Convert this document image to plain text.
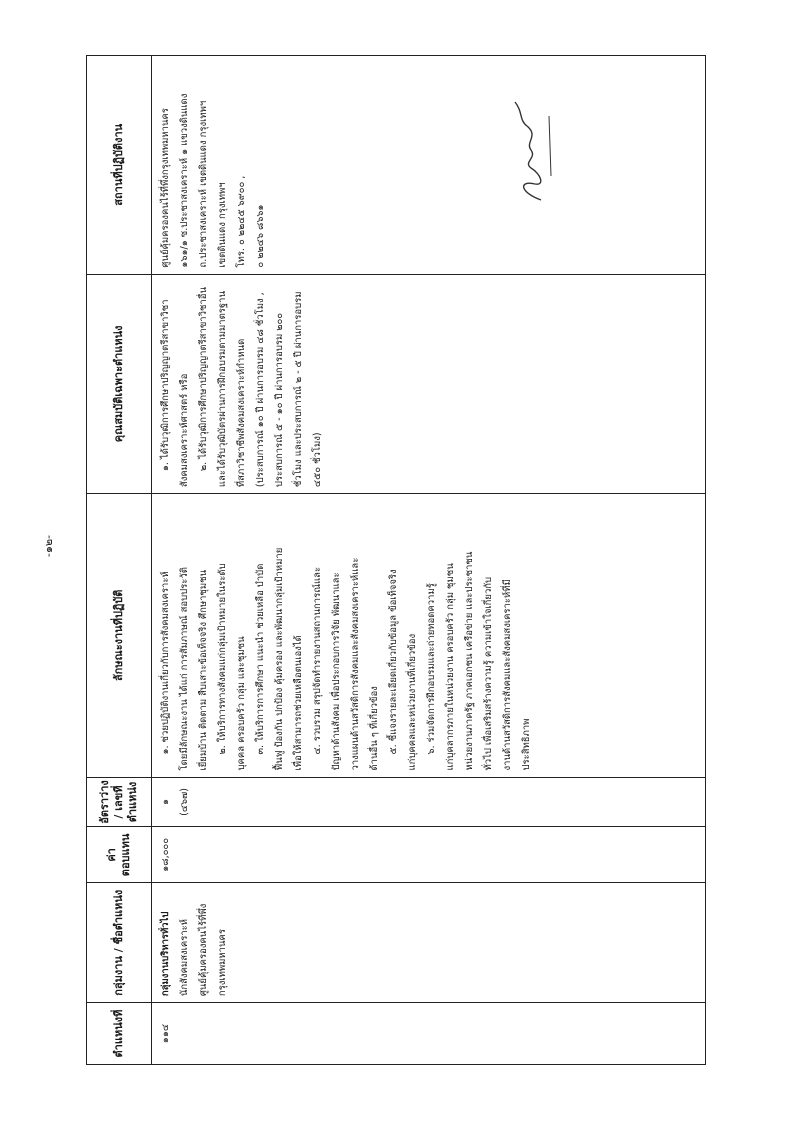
-๑๒-
ตำแหน่งที่
กลุ่มงาน / ชื่อตำแหน่ง
ค่าตอบแทน
อัตราว่าง / เลขที่ตำแหน่ง
ลักษณะงานที่ปฏิบัติ
คุณสมบัติเฉพาะตำแหน่ง
สถานที่ปฏิบัติงาน
๑๑๔
กลุ่มงานบริหารทั่วไป นักสังคมสงเคราะห์ ศูนย์คุ้มครองคนไร้ที่พึ่งกรุงเทพมหานคร
๑๘,๐๐๐
๑ (๔๖๗)
๑. ช่วยปฏิบัติงานเกี่ยวกับการสังคมสงเคราะห์ โดยมีลักษณะงาน ได้แก่ การสัมภาษณ์ สอบประวัติ เยี่ยมบ้าน ติดตาม สืบเสาะข้อเท็จจริง ศึกษาชุมชน ๒. ให้บริการทางสังคมแก่กลุ่มเป้าหมายในระดับ บุคคล ครอบครัว กลุ่ม และชุมชน ๓. ให้บริการการศึกษา แนะนำ ช่วยเหลือ บำบัด ฟื้นฟู ป้องกัน ปกป้อง คุ้มครอง และพัฒนากลุ่มเป้าหมาย เพื่อให้สามารถช่วยเหลือตนเองได้ ๔. รวบรวม สรุปจัดทำรายงานสถานการณ์และ ปัญหาด้านสังคม เพื่อประกอบการวิจัย พัฒนาและ วางแผนด้านสวัสดิการสังคมและสังคมสงเคราะห์และ ด้านอื่น ๆ ที่เกี่ยวข้อง ๕. ชี้แจงรายละเอียดเกี่ยวกับข้อมูล ข้อเท็จจริง แก่บุคคลและหน่วยงานที่เกี่ยวข้อง ๖. ร่วมจัดการฝึกอบรมและถ่ายทอดความรู้ แก่บุคลากรภายในหน่วยงาน ครอบครัว กลุ่ม ชุมชน หน่วยงานภาครัฐ ภาคเอกชน เครือข่าย และประชาชน ทั่วไป เพื่อเสริมสร้างความรู้ ความเข้าใจเกี่ยวกับ งานด้านสวัสดิการสังคมและสังคมสงเคราะห์ที่มี ประสิทธิภาพ
๑. ได้รับวุฒิการศึกษาปริญญาตรีสาขาวิชา สังคมสงเคราะห์ศาสตร์ หรือ ๒. ได้รับวุฒิการศึกษาปริญญาตรีสาขาวิชาอื่น และได้รับวุฒิบัตรผ่านการฝึกอบรมตามมาตรฐาน ที่สภาวิชาชีพสังคมสงเคราะห์กำหนด (ประสบการณ์ ๑๐ ปี ผ่านการอบรม ๔๘ ชั่วโมง , ประสบการณ์ ๕ - ๑๐ ปี ผ่านการอบรม ๒๐๐ ชั่วโมง และประสบการณ์ ๒ - ๕ ปี ผ่านการอบรม ๔๕๐ ชั่วโมง)
ศูนย์คุ้มครองคนไร้ที่พึ่งกรุงเทพมหานคร ๑๖๑/๑ ซ.ประชาสงเคราะห์ ๑ แขวงดินแดง ถ.ประชาสงเคราะห์ เขตดินแดง กรุงเทพฯ เขตดินแดง กรุงเทพฯ โทร. ๐ ๒๒๔๕ ๖๙๐๐ , ๐ ๒๒๔๖ ๘๖๖๑
